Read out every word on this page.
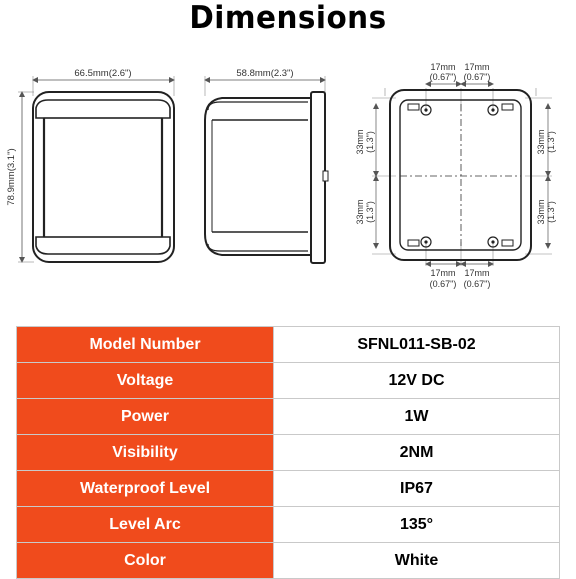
Dimensions
66.5mm(2.6")
78.9mm(3.1")
58.8mm(2.3")
17mm
(0.67")
17mm
(0.67")
17mm
(0.67")
17mm
(0.67")
33mm (1.3")
33mm (1.3")
33mm (1.3")
33mm (1.3")
Model Number	SFNL011-SB-02
Voltage	12V DC
Power	1W
Visibility	2NM
Waterproof Level	IP67
Level Arc	135°
Color	White
